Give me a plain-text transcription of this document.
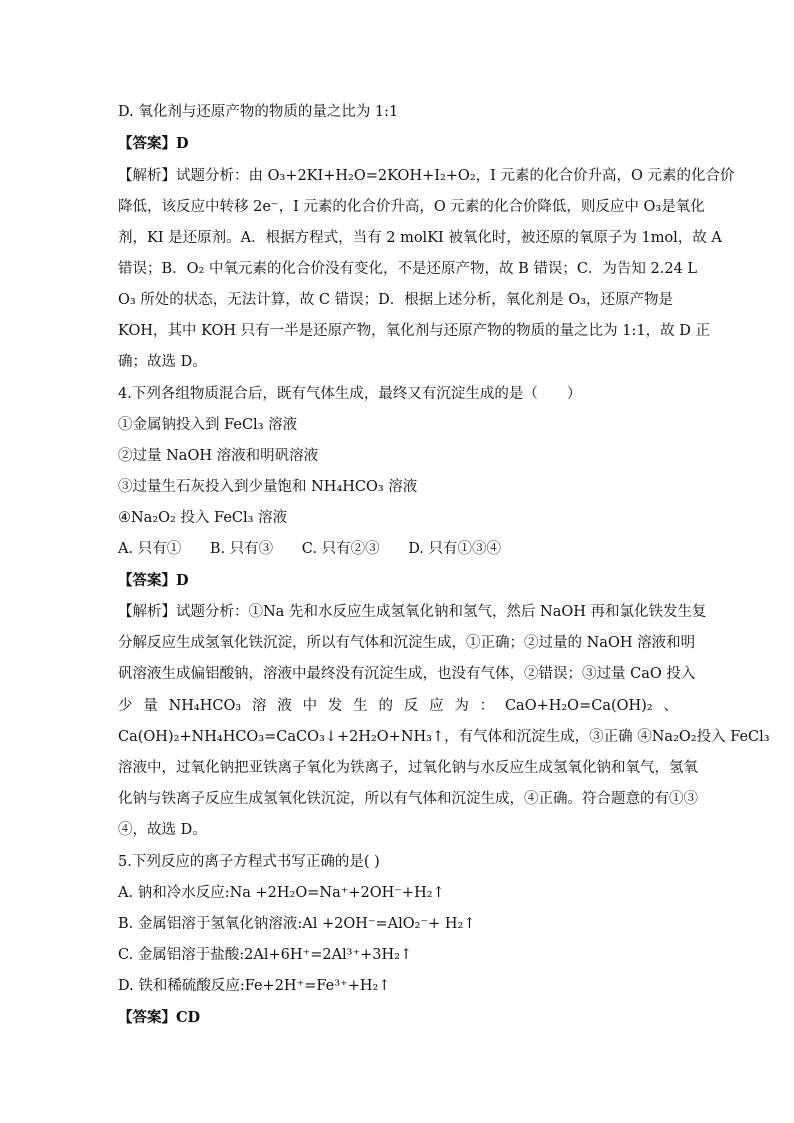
D. 氧化剂与还原产物的物质的量之比为 1:1
【答案】D
【解析】试题分析：由 O₃+2KI+H₂O=2KOH+I₂+O₂，I 元素的化合价升高，O 元素的化合价
降低，该反应中转移 2e⁻，I 元素的化合价升高，O 元素的化合价降低，则反应中 O₃是氧化
剂，KI 是还原剂。A．根据方程式，当有 2 molKI 被氧化时，被还原的氧原子为 1mol，故 A
错误；B．O₂ 中氧元素的化合价没有变化，不是还原产物，故 B 错误；C．为告知 2.24 L
O₃ 所处的状态，无法计算，故 C 错误；D．根据上述分析，氧化剂是 O₃，还原产物是
KOH，其中 KOH 只有一半是还原产物，氧化剂与还原产物的物质的量之比为 1:1，故 D 正
确；故选 D。
4.下列各组物质混合后，既有气体生成，最终又有沉淀生成的是（　　）
①金属钠投入到 FeCl₃ 溶液
②过量 NaOH 溶液和明矾溶液
③过量生石灰投入到少量饱和 NH₄HCO₃ 溶液
④Na₂O₂ 投入 FeCl₃ 溶液
A. 只有① B. 只有③ C. 只有②③ D. 只有①③④
【答案】D
【解析】试题分析：①Na 先和水反应生成氢氧化钠和氢气，然后 NaOH 再和氯化铁发生复
分解反应生成氢氧化铁沉淀，所以有气体和沉淀生成，①正确；②过量的 NaOH 溶液和明
矾溶液生成偏铝酸钠，溶液中最终没有沉淀生成，也没有气体，②错误；③过量 CaO 投入
少 量 NH₄HCO₃ 溶 液 中 发 生 的 反 应 为 ： CaO+H₂O=Ca(OH)₂ 、
Ca(OH)₂+NH₄HCO₃=CaCO₃↓+2H₂O+NH₃↑，有气体和沉淀生成，③正确 ④Na₂O₂投入 FeCl₃
溶液中，过氧化钠把亚铁离子氧化为铁离子，过氧化钠与水反应生成氢氧化钠和氧气，氢氧
化钠与铁离子反应生成氢氧化铁沉淀，所以有气体和沉淀生成，④正确。符合题意的有①③
④，故选 D。
5.下列反应的离子方程式书写正确的是( )
A. 钠和冷水反应:Na +2H₂O=Na⁺+2OH⁻+H₂↑
B. 金属铝溶于氢氧化钠溶液:Al +2OH⁻=AlO₂⁻+ H₂↑
C. 金属铝溶于盐酸:2Al+6H⁺=2Al³⁺+3H₂↑
D. 铁和稀硫酸反应:Fe+2H⁺=Fe³⁺+H₂↑
【答案】CD
